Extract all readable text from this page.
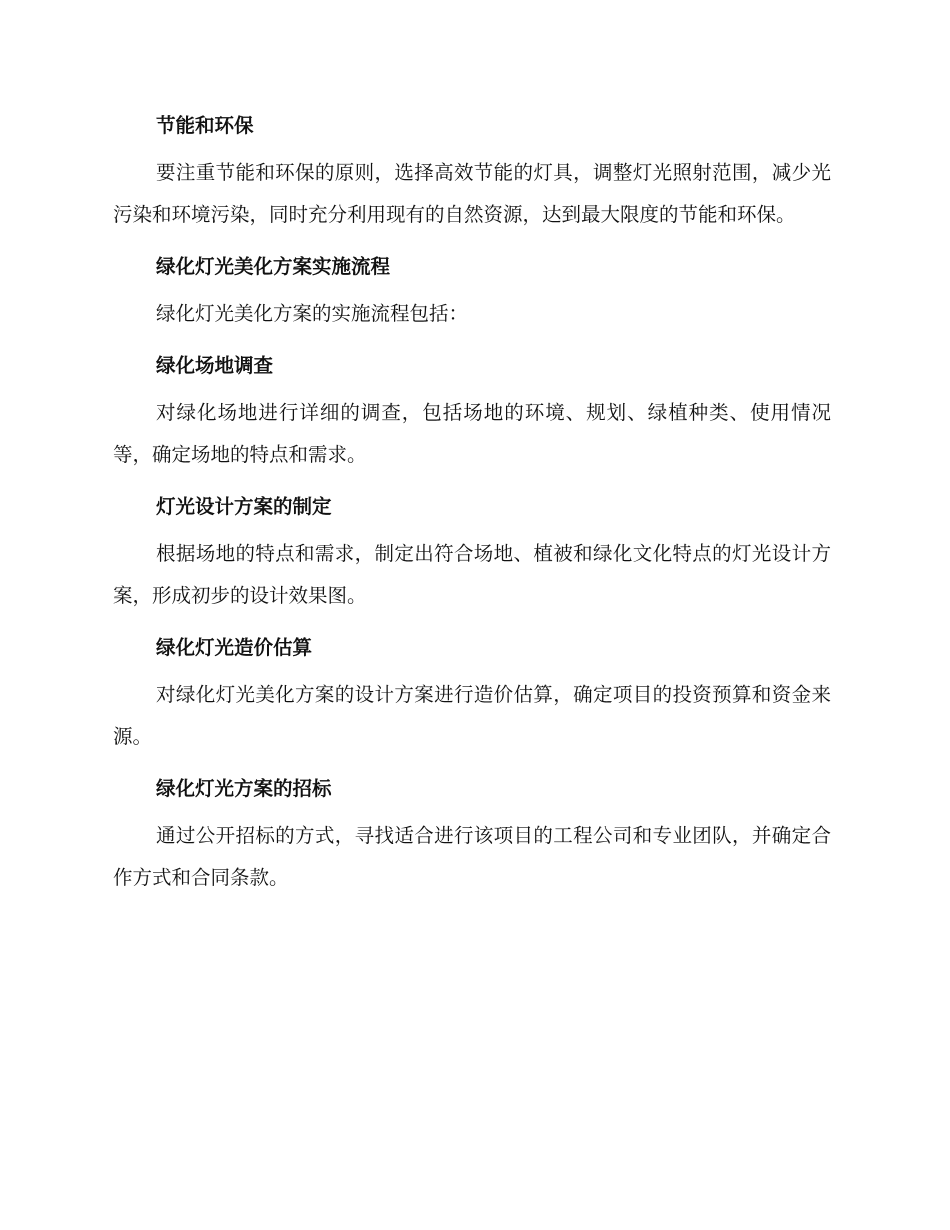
节能和环保

要注重节能和环保的原则，选择高效节能的灯具，调整灯光照射范围，减少光污染和环境污染，同时充分利用现有的自然资源，达到最大限度的节能和环保。

绿化灯光美化方案实施流程

绿化灯光美化方案的实施流程包括：

绿化场地调查

对绿化场地进行详细的调查，包括场地的环境、规划、绿植种类、使用情况等，确定场地的特点和需求。

灯光设计方案的制定

根据场地的特点和需求，制定出符合场地、植被和绿化文化特点的灯光设计方案，形成初步的设计效果图。

绿化灯光造价估算

对绿化灯光美化方案的设计方案进行造价估算，确定项目的投资预算和资金来源。

绿化灯光方案的招标

通过公开招标的方式，寻找适合进行该项目的工程公司和专业团队，并确定合作方式和合同条款。
